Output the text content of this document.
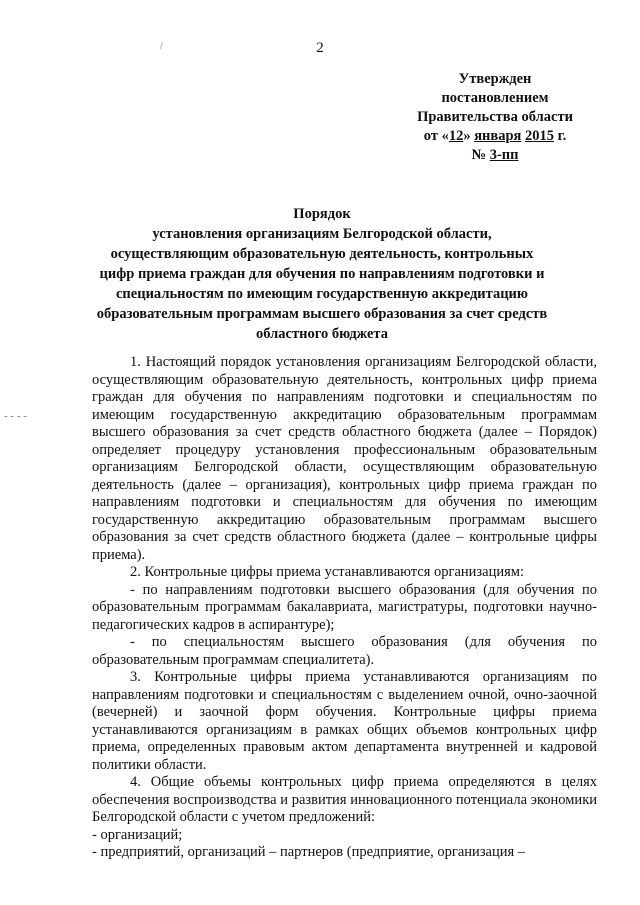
/
- - - -
2
Утвержден
постановлением
Правительства области
от «12» января 2015 г.
№ 3-пп
Порядок
установления организациям Белгородской области, осуществляющим образовательную деятельность, контрольных цифр приема граждан для обучения по направлениям подготовки и специальностям по имеющим государственную аккредитацию образовательным программам высшего образования за счет средств областного бюджета

1. Настоящий порядок установления организациям Белгородской области, осуществляющим образовательную деятельность, контрольных цифр приема граждан для обучения по направлениям подготовки и специальностям по имеющим государственную аккредитацию образовательным программам высшего образования за счет средств областного бюджета (далее – Порядок) определяет процедуру установления профессиональным образовательным организациям Белгородской области, осуществляющим образовательную деятельность (далее – организация), контрольных цифр приема граждан по направлениям подготовки и специальностям для обучения по имеющим государственную аккредитацию образовательным программам высшего образования за счет средств областного бюджета (далее – контрольные цифры приема).

2. Контрольные цифры приема устанавливаются организациям:

- по направлениям подготовки высшего образования (для обучения по образовательным программам бакалавриата, магистратуры, подготовки научно-педагогических кадров в аспирантуре);

- по специальностям высшего образования (для обучения по образовательным программам специалитета).

3. Контрольные цифры приема устанавливаются организациям по направлениям подготовки и специальностям с выделением очной, очно-заочной (вечерней) и заочной форм обучения. Контрольные цифры приема устанавливаются организациям в рамках общих объемов контрольных цифр приема, определенных правовым актом департамента внутренней и кадровой политики области.

4. Общие объемы контрольных цифр приема определяются в целях обеспечения воспроизводства и развития инновационного потенциала экономики Белгородской области с учетом предложений:

- организаций;

- предприятий, организаций – партнеров (предприятие, организация –
